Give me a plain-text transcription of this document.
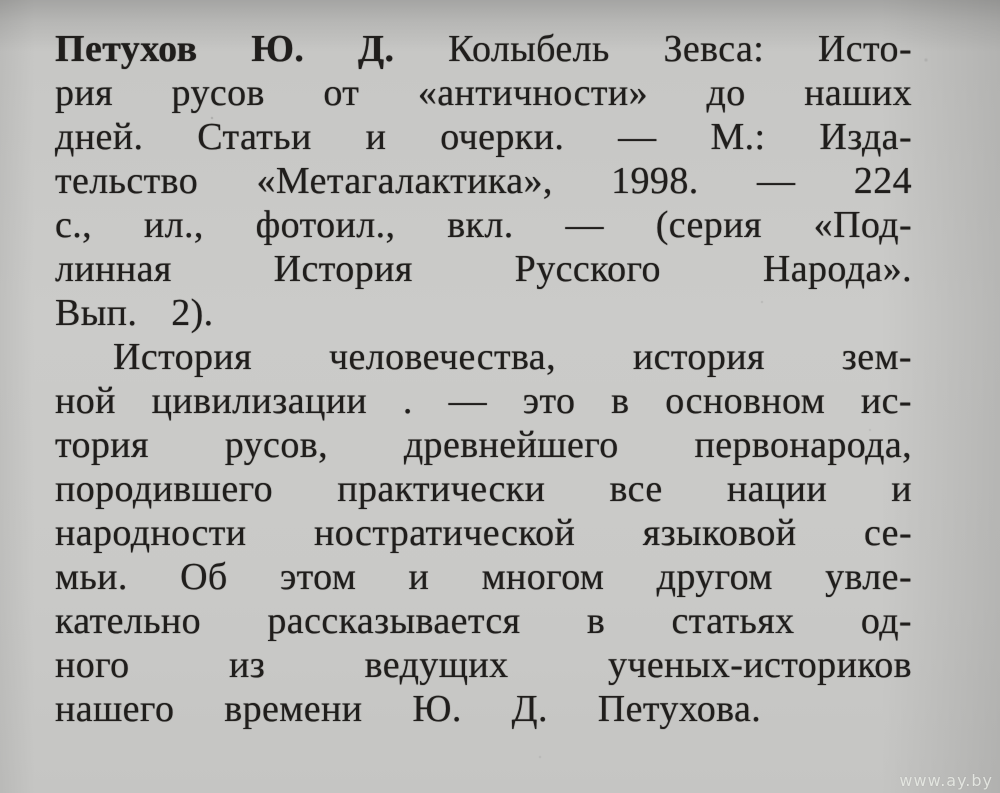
Петухов Ю. Д. Колыбель Зевса: Исто-
рия русов от «античности» до наших
дней. Статьи и очерки. — М.: Изда-
тельство «Метагалактика», 1998. — 224
с., ил., фотоил., вкл. — (серия «Под-
линная История Русского Народа».
Вып. 2).
История человечества, история зем-
ной цивилизации . — это в основном ис-
тория русов, древнейшего первонарода,
породившего практически все нации и
народности ностратической языковой се-
мьи. Об этом и многом другом увле-
кательно рассказывается в статьях од-
ного из ведущих ученых-историков
нашего времени Ю. Д. Петухова.
www.ay.by
